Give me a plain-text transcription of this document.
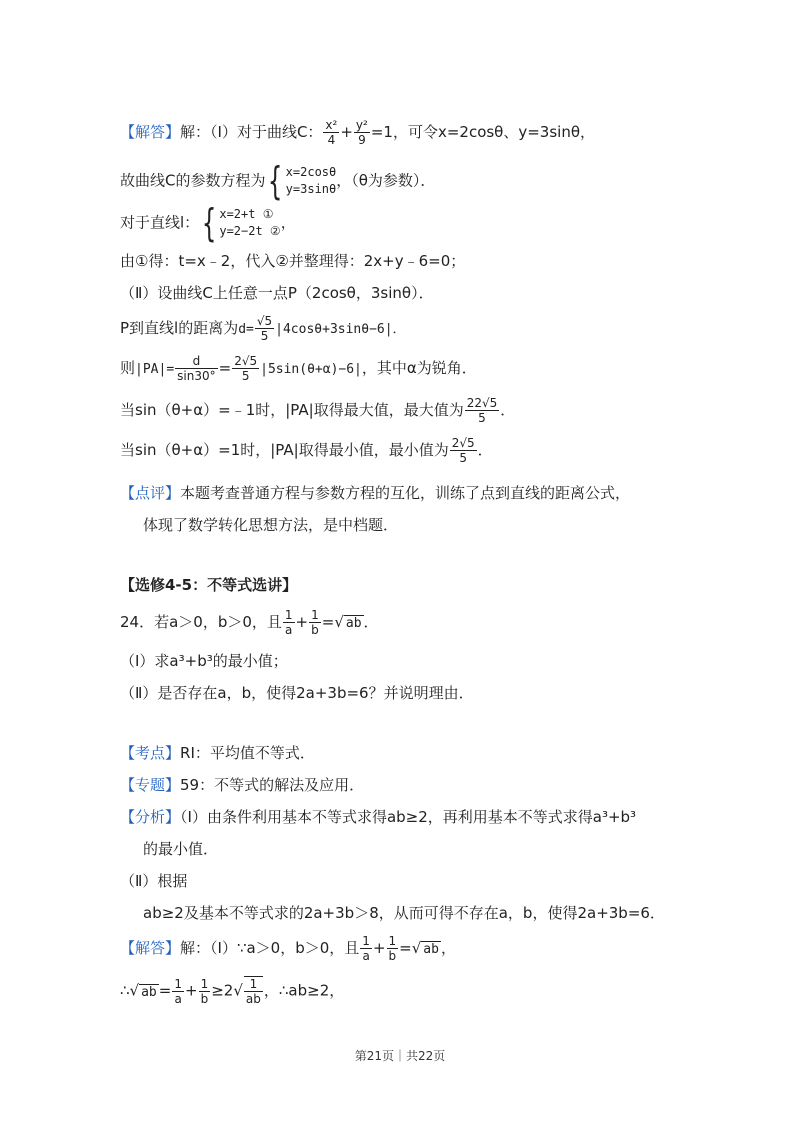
【解答】解：（Ⅰ）对于曲线C： $\frac{\text{x²}}{4} + \frac{\text{y²}}{9} =1$，可令x=2cosθ、y=3sinθ，
故曲线C的参数方程为{ x=2cosθ
y=3sinθ ，（θ为参数）．
对于直线l：{ x=2+t ①
y=2−2t ② ，
由①得：t=x﹣2，代入②并整理得：2x+y﹣6=0；
（Ⅱ）设曲线C上任意一点P（2cosθ，3sinθ）．
P到直线l的距离为$d= \frac{√5}{5} |4\cos\theta+3\sin\theta-6|$．
则$|PA|= \frac{d}{\sin 30^\circ} = \frac{2√5}{5} |5\sin(\theta+\alpha)-6|$，其中α为锐角．
当sin（θ+α）=﹣1时，|PA|取得最大值，最大值为 $\frac{22√5}{5}$ ．
当sin（θ+α）=1时，|PA|取得最小值，最小值为 $\frac{2√5}{5}$ ．
【点评】本题考查普通方程与参数方程的互化，训练了点到直线的距离公式，
体现了数学转化思想方法，是中档题．
【选修4-5：不等式选讲】
24．若a＞0，b＞0，且 $\frac{1}{a} + \frac{1}{b}$ =√ ab ．
（Ⅰ）求a³+b³的最小值；
（Ⅱ）是否存在a，b，使得2a+3b=6？并说明理由．
【考点】RI：平均值不等式．
【专题】59：不等式的解法及应用．
【分析】（Ⅰ）由条件利用基本不等式求得ab≥2，再利用基本不等式求得a³+b³
的最小值．
（Ⅱ）根据
ab≥2及基本不等式求的2a+3b＞8，从而可得不存在a，b，使得2a+3b=6．
【解答】解：（Ⅰ）∵a＞0，b＞0，且 $\frac{1}{a} + \frac{1}{b}$ =√ ab ，
∴√ ab = $\frac{1}{a} + \frac{1}{b} \ge 2√ \frac{1}{ab}$ ，∴ab≥2，
第21页｜共22页
